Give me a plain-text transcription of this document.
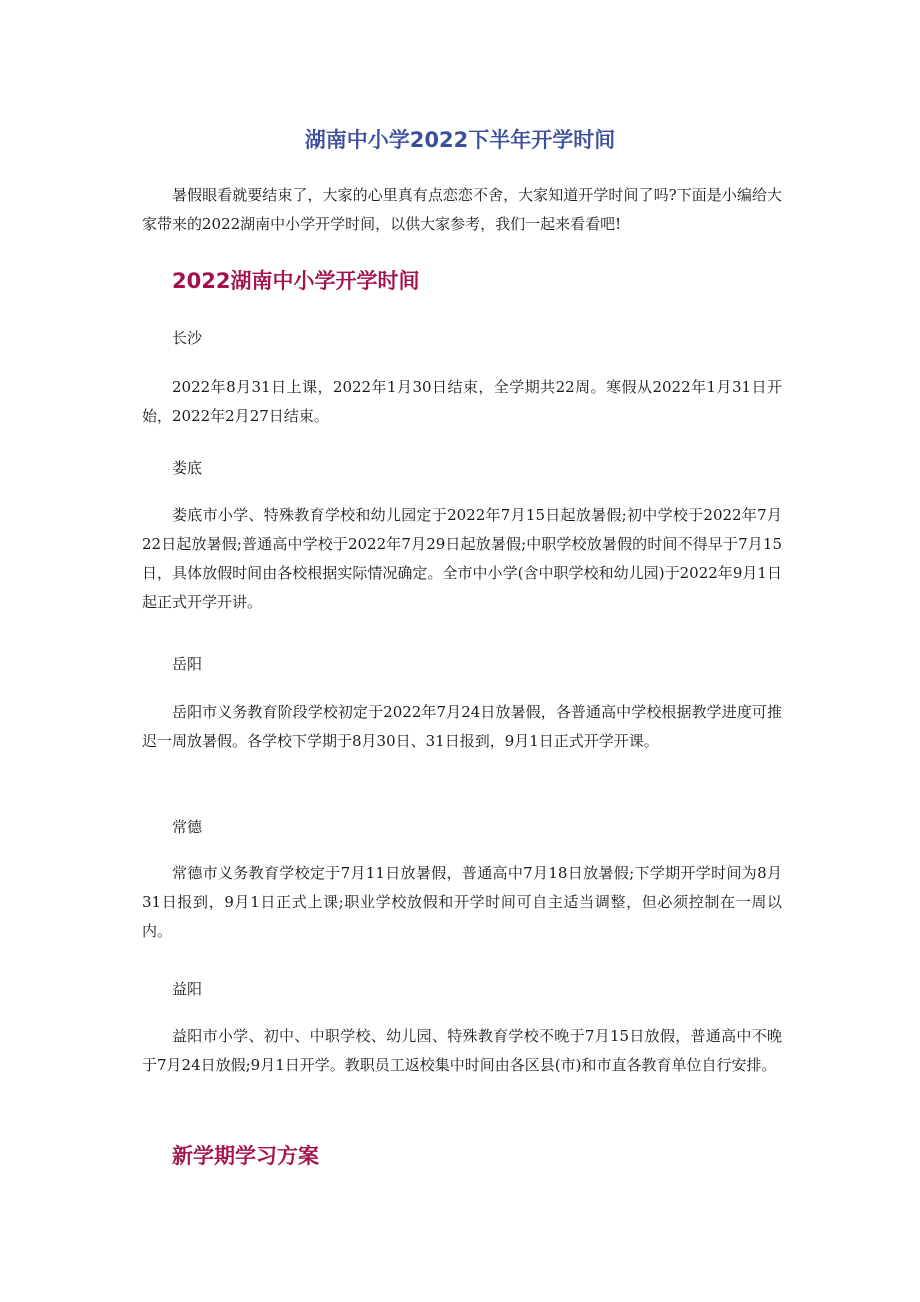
湖南中小学2022下半年开学时间

暑假眼看就要结束了，大家的心里真有点恋恋不舍，大家知道开学时间了吗?下面是小编给大家带来的2022湖南中小学开学时间，以供大家参考，我们一起来看看吧!

2022湖南中小学开学时间

长沙

2022年8月31日上课，2022年1月30日结束，全学期共22周。寒假从2022年1月31日开始，2022年2月27日结束。

娄底

娄底市小学、特殊教育学校和幼儿园定于2022年7月15日起放暑假;初中学校于2022年7月22日起放暑假;普通高中学校于2022年7月29日起放暑假;中职学校放暑假的时间不得早于7月15日，具体放假时间由各校根据实际情况确定。全市中小学(含中职学校和幼儿园)于2022年9月1日起正式开学开讲。

岳阳

岳阳市义务教育阶段学校初定于2022年7月24日放暑假，各普通高中学校根据教学进度可推迟一周放暑假。各学校下学期于8月30日、31日报到，9月1日正式开学开课。

常德

常德市义务教育学校定于7月11日放暑假，普通高中7月18日放暑假;下学期开学时间为8月31日报到，9月1日正式上课;职业学校放假和开学时间可自主适当调整，但必须控制在一周以内。

益阳

益阳市小学、初中、中职学校、幼儿园、特殊教育学校不晚于7月15日放假，普通高中不晚于7月24日放假;9月1日开学。教职员工返校集中时间由各区县(市)和市直各教育单位自行安排。

新学期学习方案
